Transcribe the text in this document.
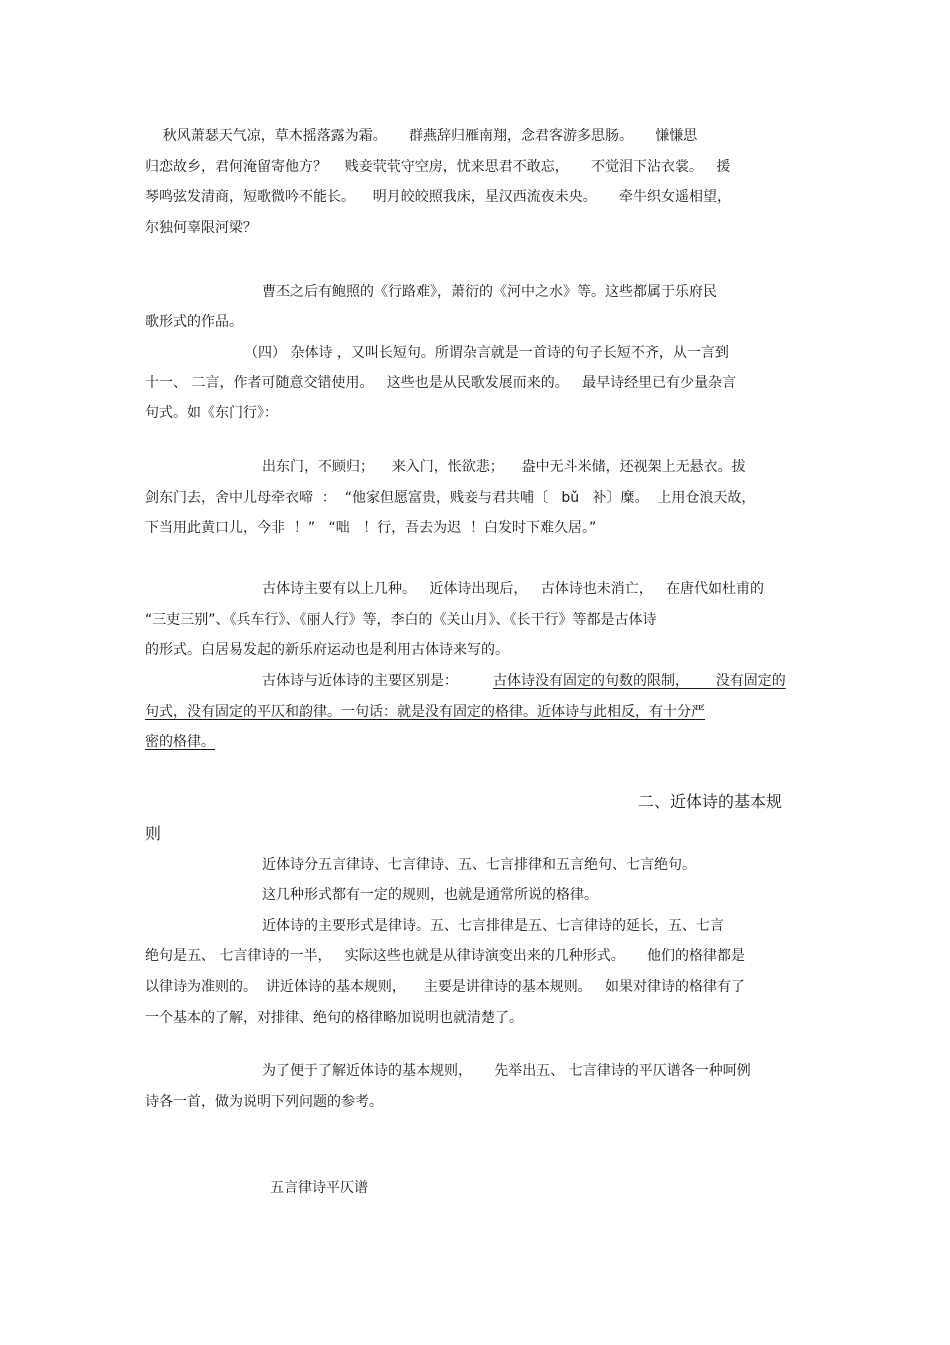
秋风萧瑟天气凉，草木摇落露为霜。     群燕辞归雁南翔，念君客游多思肠。     慊慊思
归恋故乡，君何淹留寄他方？    贱妾茕茕守空房，忧来思君不敢忘，     不觉泪下沾衣裳。   援
琴鸣弦发清商，短歌微吟不能长。    明月皎皎照我床，星汉西流夜未央。     牵牛织女遥相望，
尔独何辜限河梁？
曹丕之后有鲍照的《行路难》，萧衍的《河中之水》等。这些都属于乐府民
歌形式的作品。
（四） 杂体诗 ，又叫长短句。所谓杂言就是一首诗的句子长短不齐，从一言到
十一、 二言，作者可随意交错使用。   这些也是从民歌发展而来的。   最早诗经里已有少量杂言
句式。如《东门行》：
出东门，不顾归；    来入门，怅欲悲；    盎中无斗米储，还视架上无悬衣。拔
剑东门去，舍中儿母牵衣啼  ：  “他家但愿富贵，贱妾与君共哺〔   bǔ   补〕糜。  上用仓浪天故，
下当用此黄口儿，今非  ！”   “咄   ！行，吾去为迟  ！白发时下难久居。”
古体诗主要有以上几种。   近体诗出现后，   古体诗也未消亡，   在唐代如杜甫的
“三吏三别”、《兵车行》、《丽人行》等，李白的《关山月》、《长干行》等都是古体诗
的形式。白居易发起的新乐府运动也是利用古体诗来写的。
古体诗与近体诗的主要区别是：	古体诗没有固定的句数的限制，      没有固定的
句式，没有固定的平仄和韵律。一句话：就是没有固定的格律。近体诗与此相反，有十分严
密的格律。
二、近体诗的基本规
则
近体诗分五言律诗、七言律诗、五、七言排律和五言绝句、七言绝句。
这几种形式都有一定的规则，也就是通常所说的格律。
近体诗的主要形式是律诗。五、七言排律是五、七言律诗的延长，五、七言
绝句是五、 七言律诗的一半，   实际这些也就是从律诗演变出来的几种形式。     他们的格律都是
以律诗为准则的。  讲近体诗的基本规则，    主要是讲律诗的基本规则。   如果对律诗的格律有了
一个基本的了解，对排律、绝句的格律略加说明也就清楚了。
为了便于了解近体诗的基本规则，     先举出五、 七言律诗的平仄谱各一种呵例
诗各一首，做为说明下列问题的参考。
五言律诗平仄谱
